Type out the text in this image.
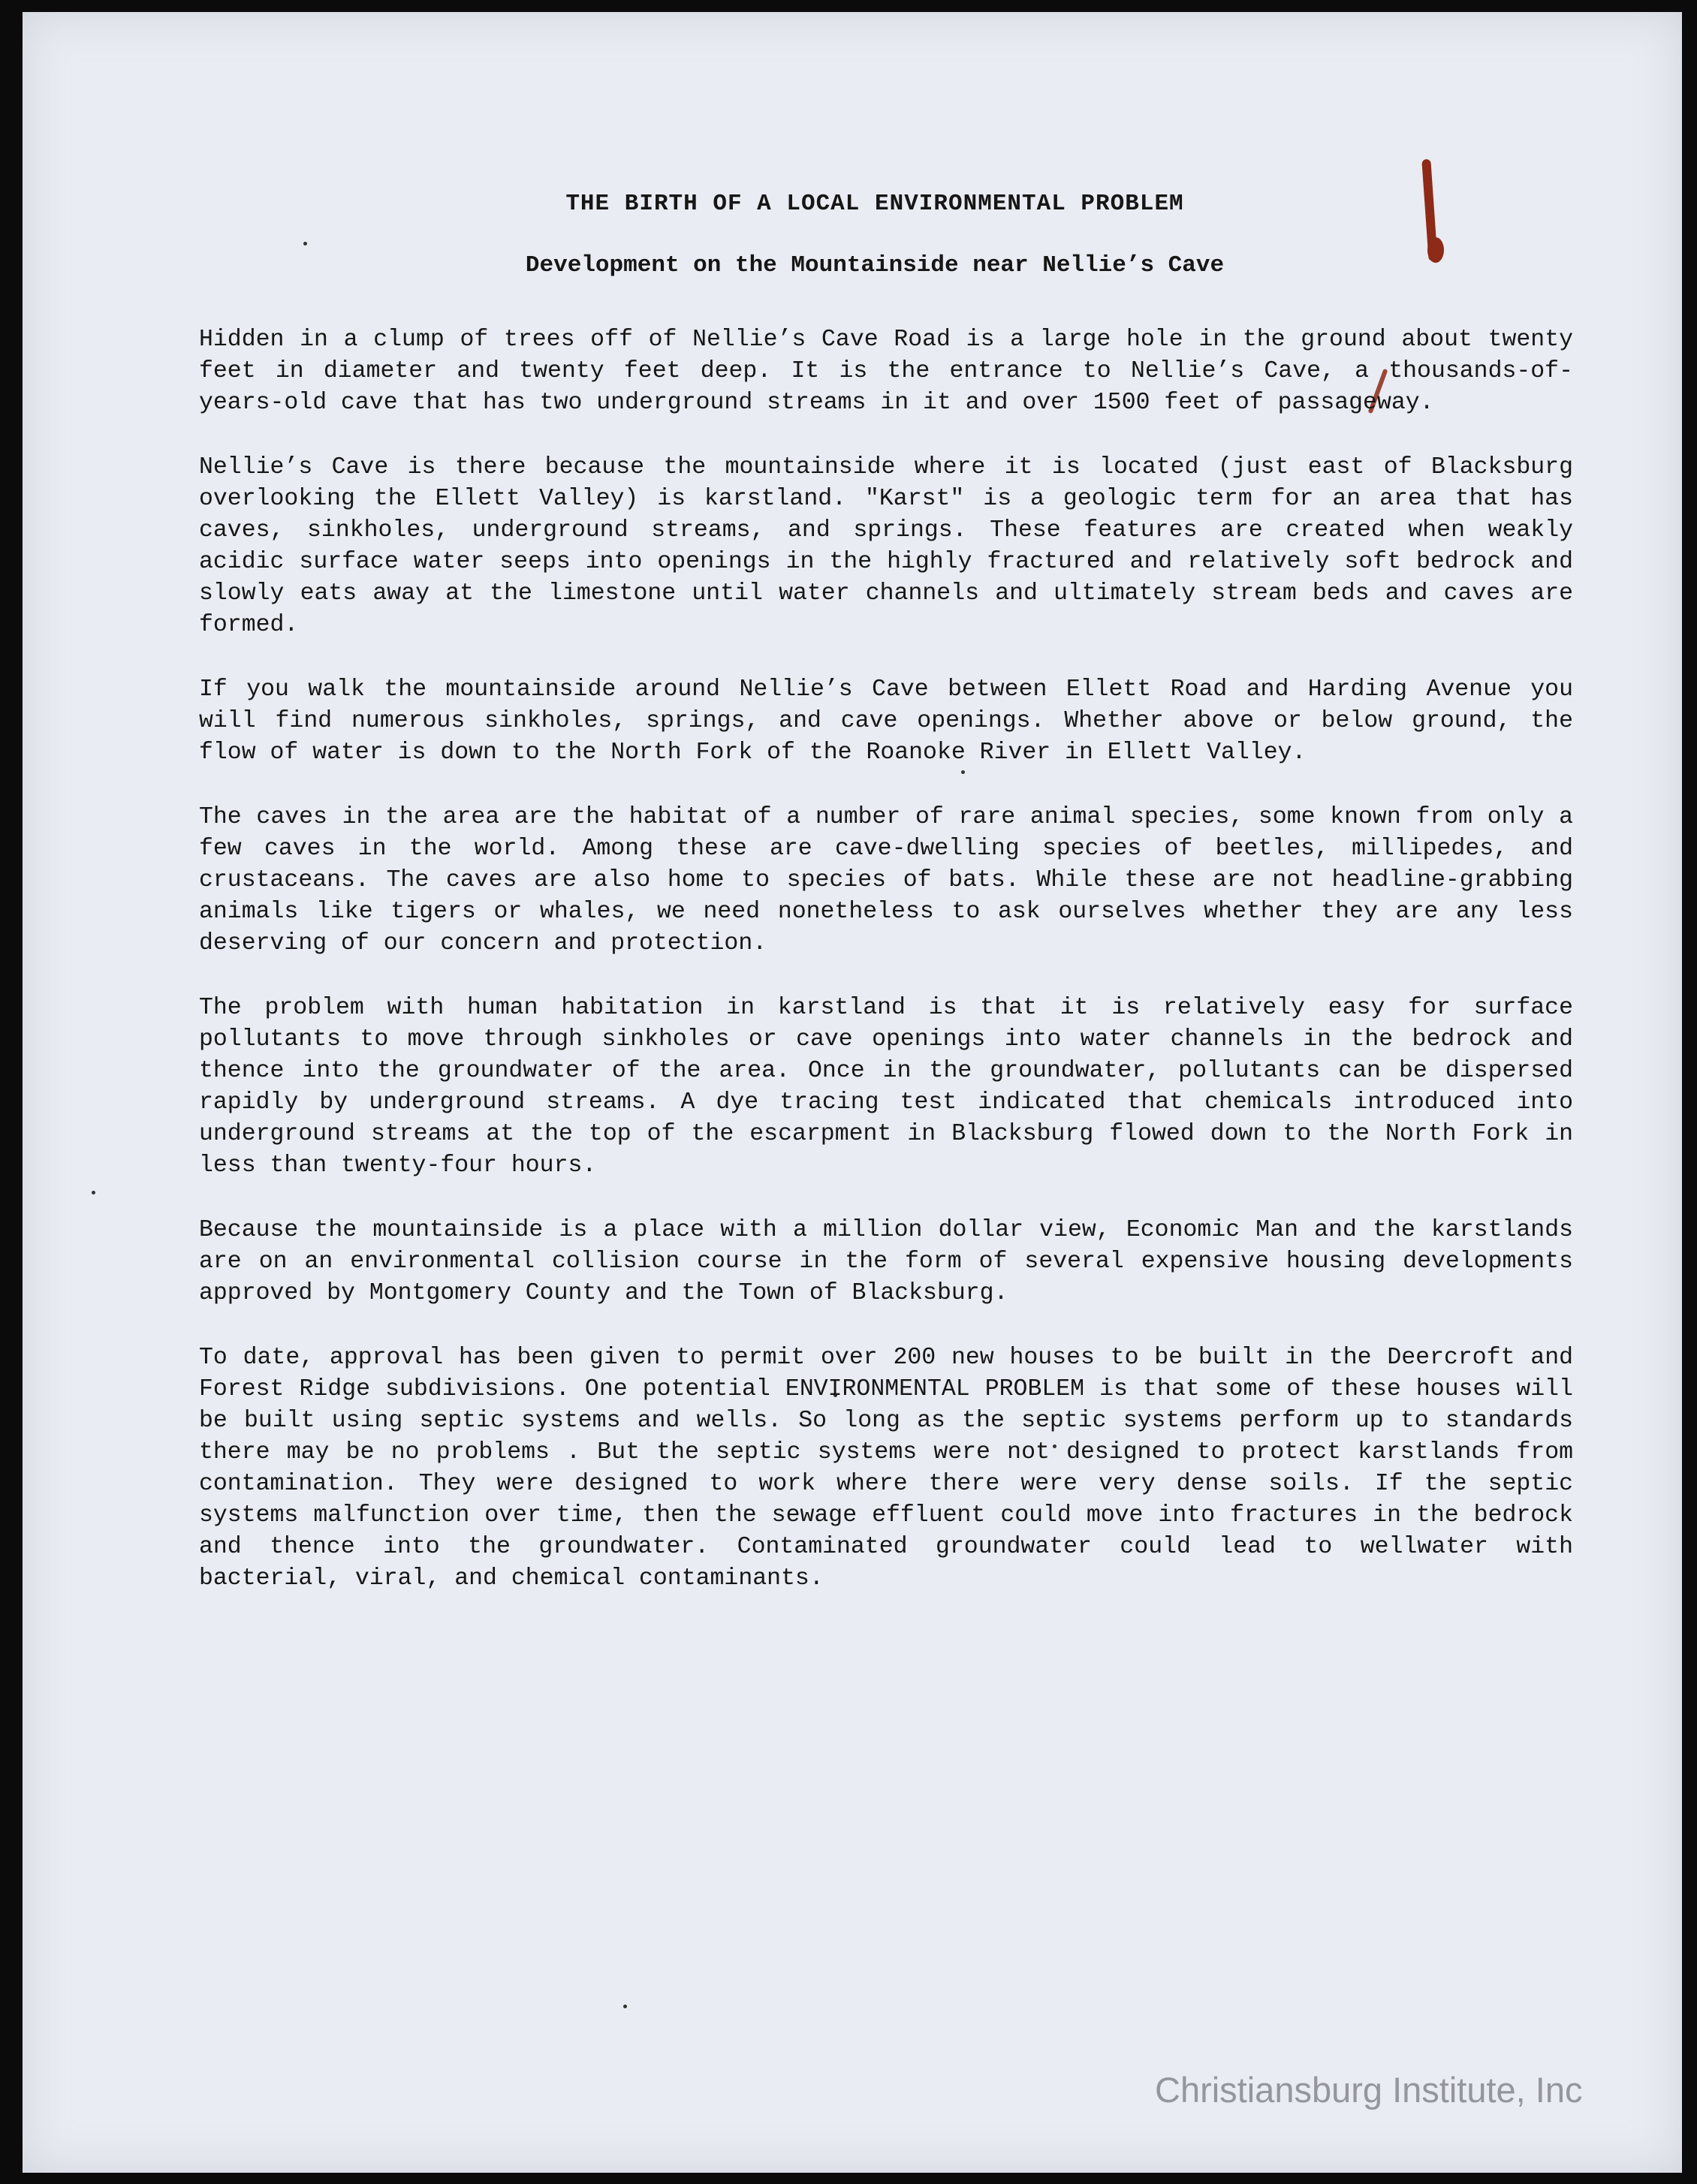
THE BIRTH OF A LOCAL ENVIRONMENTAL PROBLEM
Development on the Mountainside near Nellie’s Cave

Hidden in a clump of trees off of Nellie’s Cave Road is a large hole in the ground about twenty feet in diameter and twenty feet deep. It is the entrance to Nellie’s Cave, a thousands-of-years-old cave that has two underground streams in it and over 1500 feet of passageway.

Nellie’s Cave is there because the mountainside where it is located (just east of Blacksburg overlooking the Ellett Valley) is karstland. "Karst" is a geologic term for an area that has caves, sinkholes, underground streams, and springs. These features are created when weakly acidic surface water seeps into openings in the highly fractured and relatively soft bedrock and slowly eats away at the limestone until water channels and ultimately stream beds and caves are formed.

If you walk the mountainside around Nellie’s Cave between Ellett Road and Harding Avenue you will find numerous sinkholes, springs, and cave openings. Whether above or below ground, the flow of water is down to the North Fork of the Roanoke River in Ellett Valley.

The caves in the area are the habitat of a number of rare animal species, some known from only a few caves in the world. Among these are cave-dwelling species of beetles, millipedes, and crustaceans. The caves are also home to species of bats. While these are not headline-grabbing animals like tigers or whales, we need nonetheless to ask ourselves whether they are any less deserving of our concern and protection.

The problem with human habitation in karstland is that it is relatively easy for surface pollutants to move through sinkholes or cave openings into water channels in the bedrock and thence into the groundwater of the area. Once in the groundwater, pollutants can be dispersed rapidly by underground streams. A dye tracing test indicated that chemicals introduced into underground streams at the top of the escarpment in Blacksburg flowed down to the North Fork in less than twenty-four hours.

Because the mountainside is a place with a million dollar view, Economic Man and the karstlands are on an environmental collision course in the form of several expensive housing developments approved by Montgomery County and the Town of Blacksburg.

To date, approval has been given to permit over 200 new houses to be built in the Deercroft and Forest Ridge subdivisions. One potential ENVIRONMENTAL PROBLEM is that some of these houses will be built using septic systems and wells. So long as the septic systems perform up to standards there may be no problems . But the septic systems were not designed to protect karstlands from contamination. They were designed to work where there were very dense soils. If the septic systems malfunction over time, then the sewage effluent could move into fractures in the bedrock and thence into the groundwater. Contaminated groundwater could lead to wellwater with bacterial, viral, and chemical contaminants.

Christiansburg Institute, Inc
